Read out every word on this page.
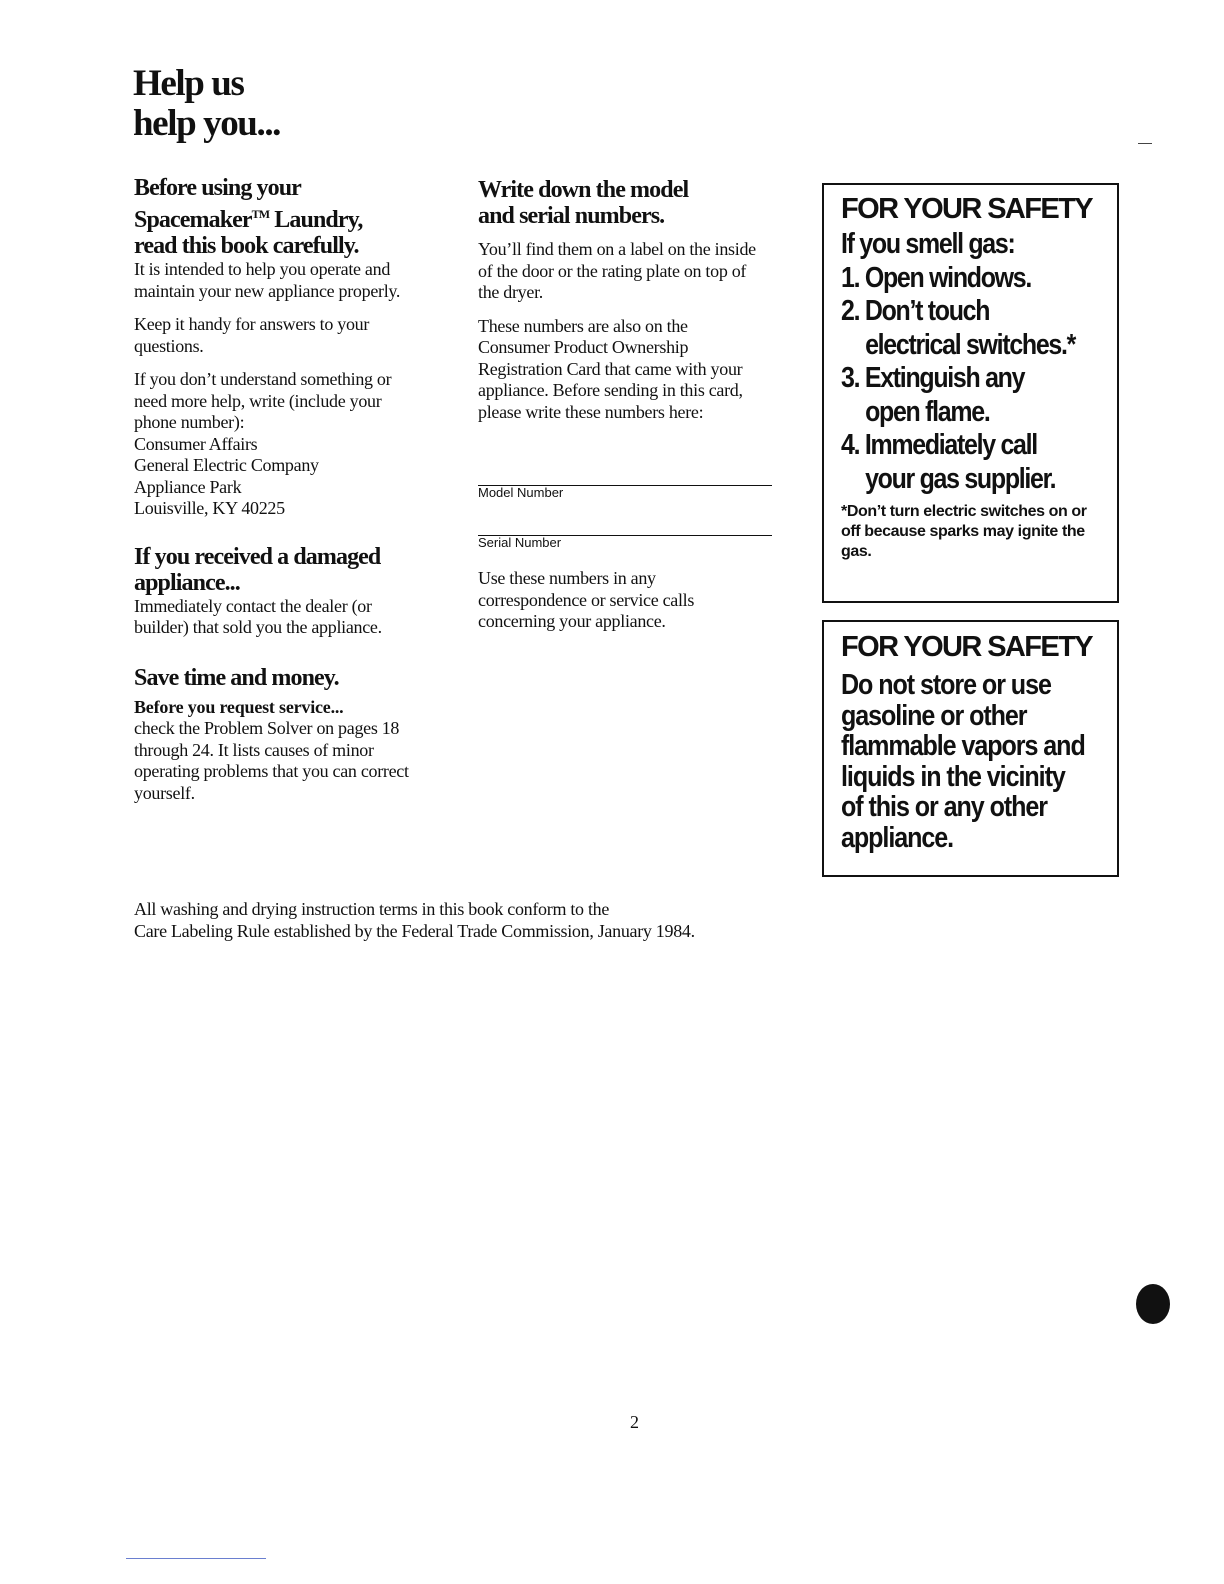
Help us
help you...
Before using your
Spacemaker™ Laundry,
read this book carefully.

It is intended to help you operate and maintain your new appliance properly.

Keep it handy for answers to your questions.

If you don’t understand something or need more help, write (include your phone number):

Consumer Affairs

General Electric Company

Appliance Park

Louisville, KY 40225

If you received a damaged
appliance...

Immediately contact the dealer (or builder) that sold you the appliance.

Save time and money.

Before you request service...

check the Problem Solver on pages 18 through 24. It lists causes of minor operating problems that you can correct yourself.

Write down the model
and serial numbers.

You’ll find them on a label on the inside of the door or the rating plate on top of the dryer.

These numbers are also on the Consumer Product Ownership Registration Card that came with your appliance. Before sending in this card, please write these numbers here:

Model Number
Serial Number

Use these numbers in any correspondence or service calls concerning your appliance.

FOR YOUR SAFETY

If you smell gas:

1. Open windows.

2. Don’t touch

electrical switches.*

3. Extinguish any

open flame.

4. Immediately call

your gas supplier.

*Don’t turn electric switches on or off because sparks may ignite the gas.

FOR YOUR SAFETY

Do not store or use

gasoline or other

flammable vapors and

liquids in the vicinity

of this or any other

appliance.

All washing and drying instruction terms in this book conform to the
Care Labeling Rule established by the Federal Trade Commission, January 1984.

2
